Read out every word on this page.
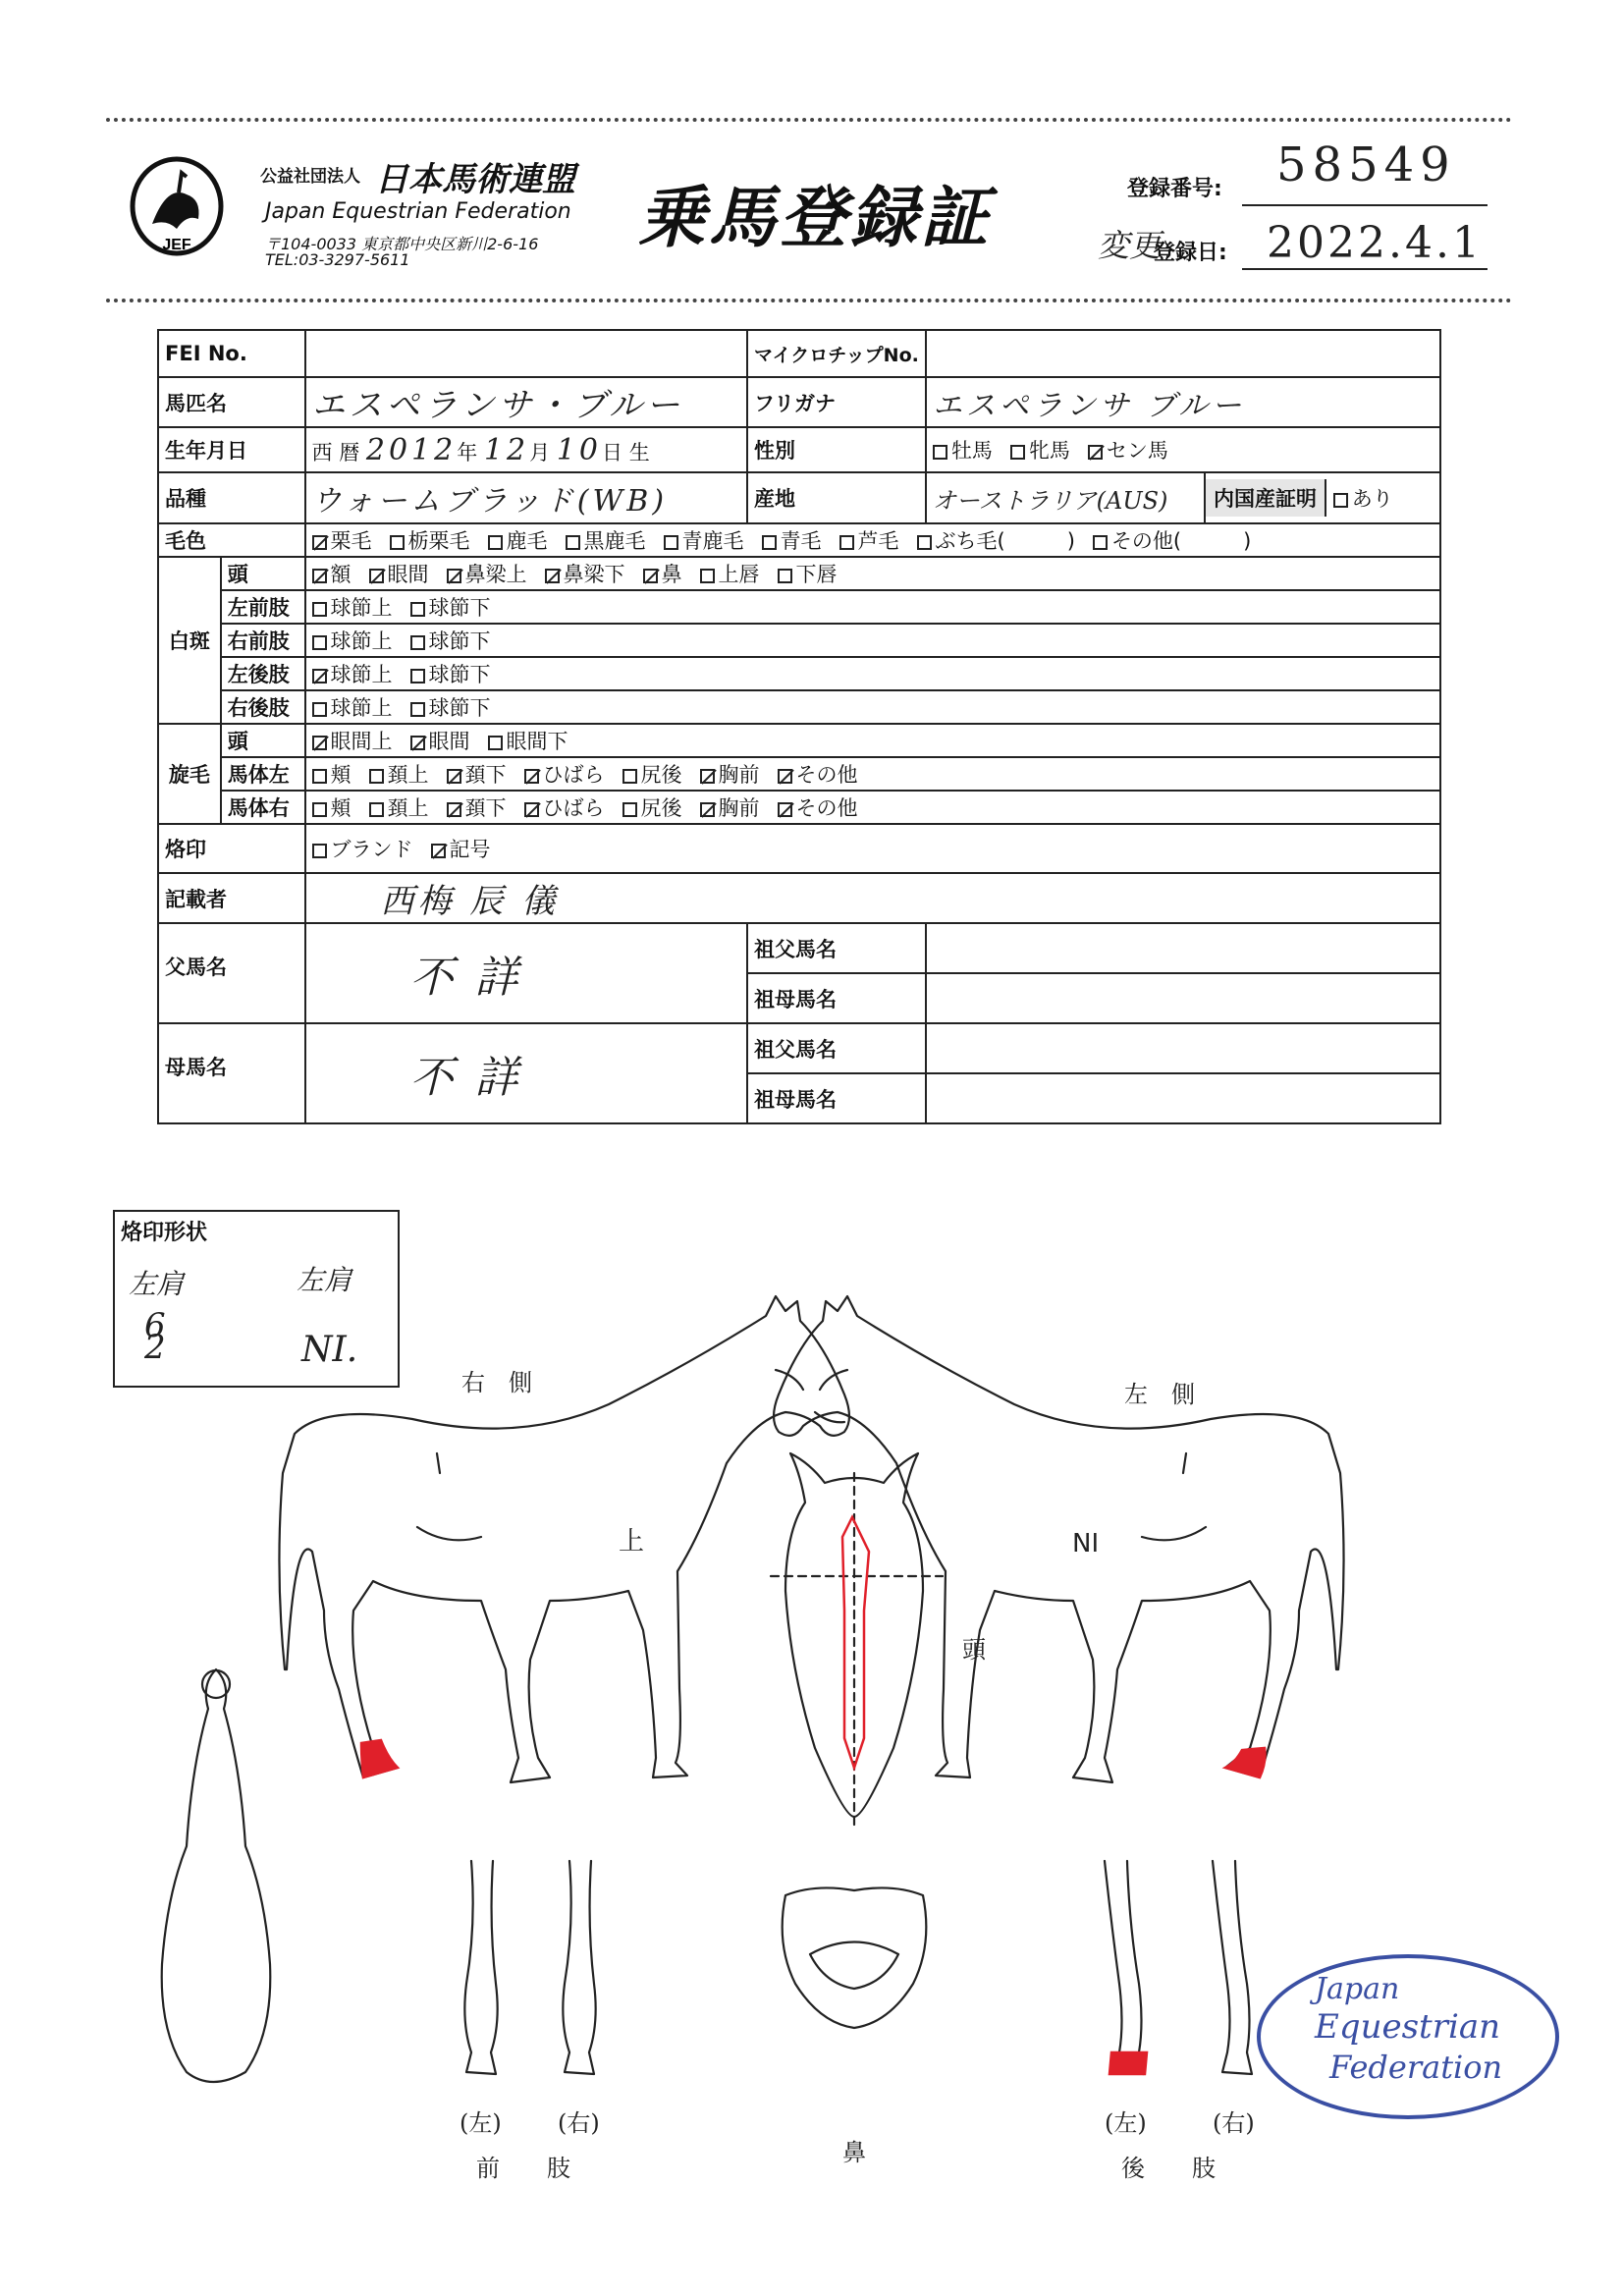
JEF
公益社団法人 日本馬術連盟
Japan Equestrian Federation
〒104-0033 東京都中央区新川2-6-16
TEL:03-3297-5611
乗馬登録証	登録番号: 58549
変更
登録日: 2022.4.1
FEI No.			マイクロチップNo.		
馬匹名		エスペランサ・ブルー	フリガナ	エスペランサ ブルー	
生年月日		西 暦 2012年 12月 10日 生	性別	牡馬 牝馬 セン馬	
品種		ウォームブラッド(WB)	産地	オーストラリア(AUS)	内国産証明 あり
毛色		栗毛 栃栗毛 鹿毛 黒鹿毛 青鹿毛 青毛 芦毛 ぶち毛(　　　) その他(　　　)			
白斑	頭	額 眼間 鼻梁上 鼻梁下 鼻 上唇 下唇			
	左前肢	球節上 球節下			
	右前肢	球節上 球節下			
	左後肢	球節上 球節下			
	右後肢	球節上 球節下			
旋毛	頭	眼間上 眼間 眼間下			
	馬体左	頬 頚上 頚下 ひばら 尻後 胸前 その他			
	馬体右	頬 頚上 頚下 ひばら 尻後 胸前 その他			
烙印		ブランド 記号			
記載者		西梅 辰 儀			
父馬名		不 詳	祖父馬名		
			祖母馬名		
母馬名		不 詳	祖父馬名		
			祖母馬名		
烙印形状
左肩	左肩
62	NI.
上	NI
右　側	左　側
頭
鼻
(左) (右)
前　　肢
(左)	(右)
後　　肢
Japan
Equestrian
Federation
